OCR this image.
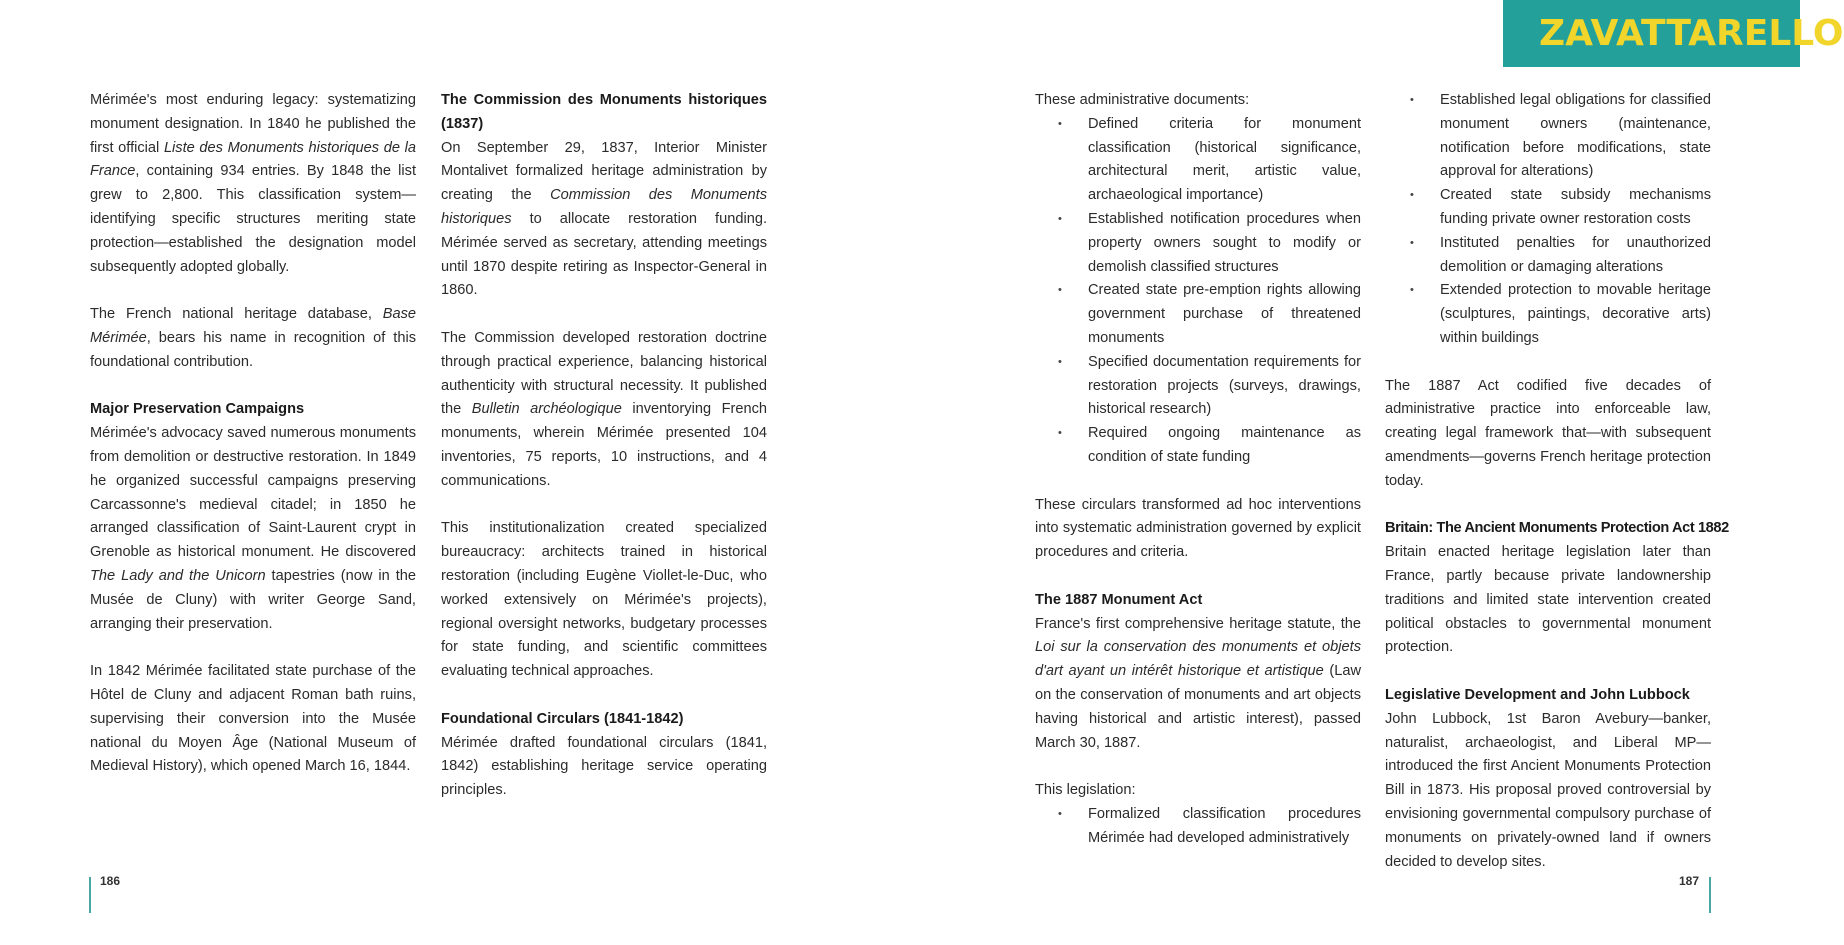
ZAVATTARELLO

Mérimée's most enduring legacy: systematizing monument designation. In 1840 he published the first official Liste des Monuments historiques de la France, containing 934 entries. By 1848 the list grew to 2,800. This classification system—identifying specific structures meriting state protection—established the designation model subsequently adopted globally.

The French national heritage database, Base Mérimée, bears his name in recognition of this foundational contribution.

Major Preservation Campaigns

Mérimée's advocacy saved numerous monuments from demolition or destructive restoration. In 1849 he organized successful campaigns preserving Carcassonne's medieval citadel; in 1850 he arranged classification of Saint-Laurent crypt in Grenoble as historical monument. He discovered The Lady and the Unicorn tapestries (now in the Musée de Cluny) with writer George Sand, arranging their preservation.

In 1842 Mérimée facilitated state purchase of the Hôtel de Cluny and adjacent Roman bath ruins, supervising their conversion into the Musée national du Moyen Âge (National Museum of Medieval History), which opened March 16, 1844.

The Commission des Monuments historiques (1837)

On September 29, 1837, Interior Minister Montalivet formalized heritage administration by creating the Commission des Monuments historiques to allocate restoration funding. Mérimée served as secretary, attending meetings until 1870 despite retiring as Inspector-General in 1860.

The Commission developed restoration doctrine through practical experience, balancing historical authenticity with structural necessity. It published the Bulletin archéologique inventorying French monuments, wherein Mérimée presented 104 inventories, 75 reports, 10 instructions, and 4 communications.

This institutionalization created specialized bureaucracy: architects trained in historical restoration (including Eugène Viollet-le-Duc, who worked extensively on Mérimée's projects), regional oversight networks, budgetary processes for state funding, and scientific committees evaluating technical approaches.

Foundational Circulars (1841-1842)

Mérimée drafted foundational circulars (1841, 1842) establishing heritage service operating principles.

These administrative documents:

• Defined criteria for monument classification (historical significance, architectural merit, artistic value, archaeological importance)
• Established notification procedures when property owners sought to modify or demolish classified structures
• Created state pre-emption rights allowing government purchase of threatened monuments
• Specified documentation requirements for restoration projects (surveys, drawings, historical research)
• Required ongoing maintenance as condition of state funding

These circulars transformed ad hoc interventions into systematic administration governed by explicit procedures and criteria.

The 1887 Monument Act

France's first comprehensive heritage statute, the Loi sur la conservation des monuments et objets d'art ayant un intérêt historique et artistique (Law on the conservation of monuments and art objects having historical and artistic interest), passed March 30, 1887.

This legislation:

• Formalized classification procedures Mérimée had developed administratively
• Established legal obligations for classified monument owners (maintenance, notification before modifications, state approval for alterations)
• Created state subsidy mechanisms funding private owner restoration costs
• Instituted penalties for unauthorized demolition or damaging alterations
• Extended protection to movable heritage (sculptures, paintings, decorative arts) within buildings

The 1887 Act codified five decades of administrative practice into enforceable law, creating legal framework that—with subsequent amendments—governs French heritage protection today.

Britain: The Ancient Monuments Protection Act 1882

Britain enacted heritage legislation later than France, partly because private landownership traditions and limited state intervention created political obstacles to governmental monument protection.

Legislative Development and John Lubbock

John Lubbock, 1st Baron Avebury—banker, naturalist, archaeologist, and Liberal MP—introduced the first Ancient Monuments Protection Bill in 1873. His proposal proved controversial by envisioning governmental compulsory purchase of monuments on privately-owned land if owners decided to develop sites.

186	187
